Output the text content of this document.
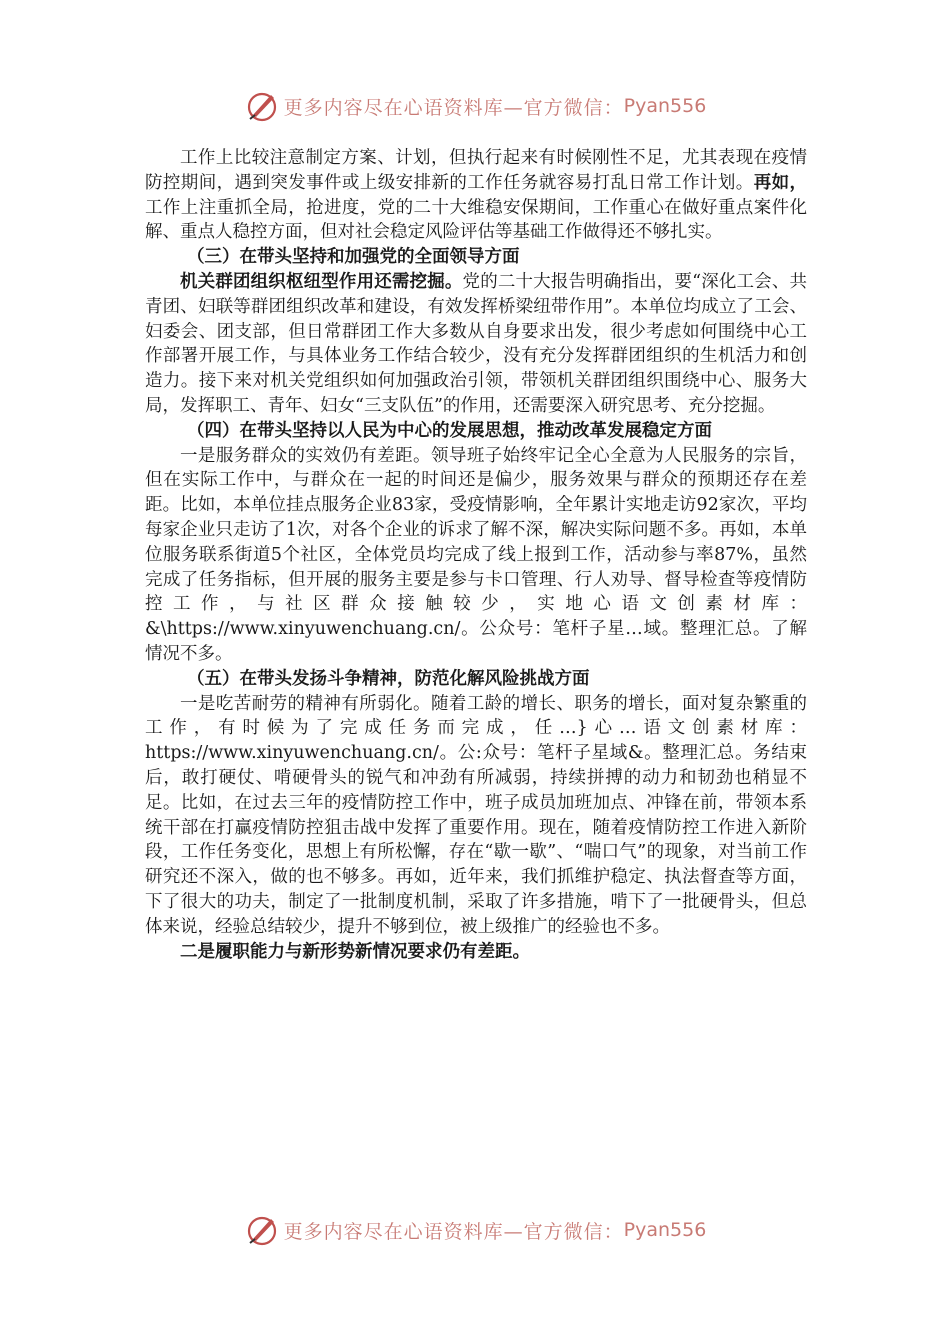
更多内容尽在心语资料库—官方微信： Pyan556

工作上比较注意制定方案、计划，但执行起来有时候刚性不足，尤其表现在疫情防控期间，遇到突发事件或上级安排新的工作任务就容易打乱日常工作计划。再如，工作上注重抓全局，抢进度，党的二十大维稳安保期间，工作重心在做好重点案件化解、重点人稳控方面，但对社会稳定风险评估等基础工作做得还不够扎实。

（三）在带头坚持和加强党的全面领导方面

机关群团组织枢纽型作用还需挖掘。党的二十大报告明确指出，要“深化工会、共青团、妇联等群团组织改革和建设，有效发挥桥梁纽带作用”。本单位均成立了工会、妇委会、团支部，但日常群团工作大多数从自身要求出发，很少考虑如何围绕中心工作部署开展工作，与具体业务工作结合较少，没有充分发挥群团组织的生机活力和创造力。接下来对机关党组织如何加强政治引领，带领机关群团组织围绕中心、服务大局，发挥职工、青年、妇女“三支队伍”的作用，还需要深入研究思考、充分挖掘。

（四）在带头坚持以人民为中心的发展思想，推动改革发展稳定方面

一是服务群众的实效仍有差距。领导班子始终牢记全心全意为人民服务的宗旨，但在实际工作中，与群众在一起的时间还是偏少，服务效果与群众的预期还存在差距。比如，本单位挂点服务企业83家，受疫情影响，全年累计实地走访92家次，平均每家企业只走访了1次，对各个企业的诉求了解不深，解决实际问题不多。再如，本单位服务联系街道5个社区，全体党员均完成了线上报到工作，活动参与率87%，虽然完成了任务指标，但开展的服务主要是参与卡口管理、行人劝导、督导检查等疫情防控工作，与社区群众接触较少，实地心语文创素材库：&\https://www.xinyuwenchuang.cn/。公众号：笔杆子星…域。整理汇总。了解情况不多。

（五）在带头发扬斗争精神，防范化解风险挑战方面

一是吃苦耐劳的精神有所弱化。随着工龄的增长、职务的增长，面对复杂繁重的工作，有时候为了完成任务而完成，任…}心…语文创素材库：https://www.xinyuwenchuang.cn/。公:众号：笔杆子星域&。整理汇总。务结束后，敢打硬仗、啃硬骨头的锐气和冲劲有所减弱，持续拼搏的动力和韧劲也稍显不足。比如，在过去三年的疫情防控工作中，班子成员加班加点、冲锋在前，带领本系统干部在打赢疫情防控狙击战中发挥了重要作用。现在，随着疫情防控工作进入新阶段，工作任务变化，思想上有所松懈，存在“歇一歇”、“喘口气”的现象，对当前工作研究还不深入，做的也不够多。再如，近年来，我们抓维护稳定、执法督查等方面，下了很大的功夫，制定了一批制度机制，采取了许多措施，啃下了一批硬骨头，但总体来说，经验总结较少，提升不够到位，被上级推广的经验也不多。

二是履职能力与新形势新情况要求仍有差距。

更多内容尽在心语资料库—官方微信： Pyan556
